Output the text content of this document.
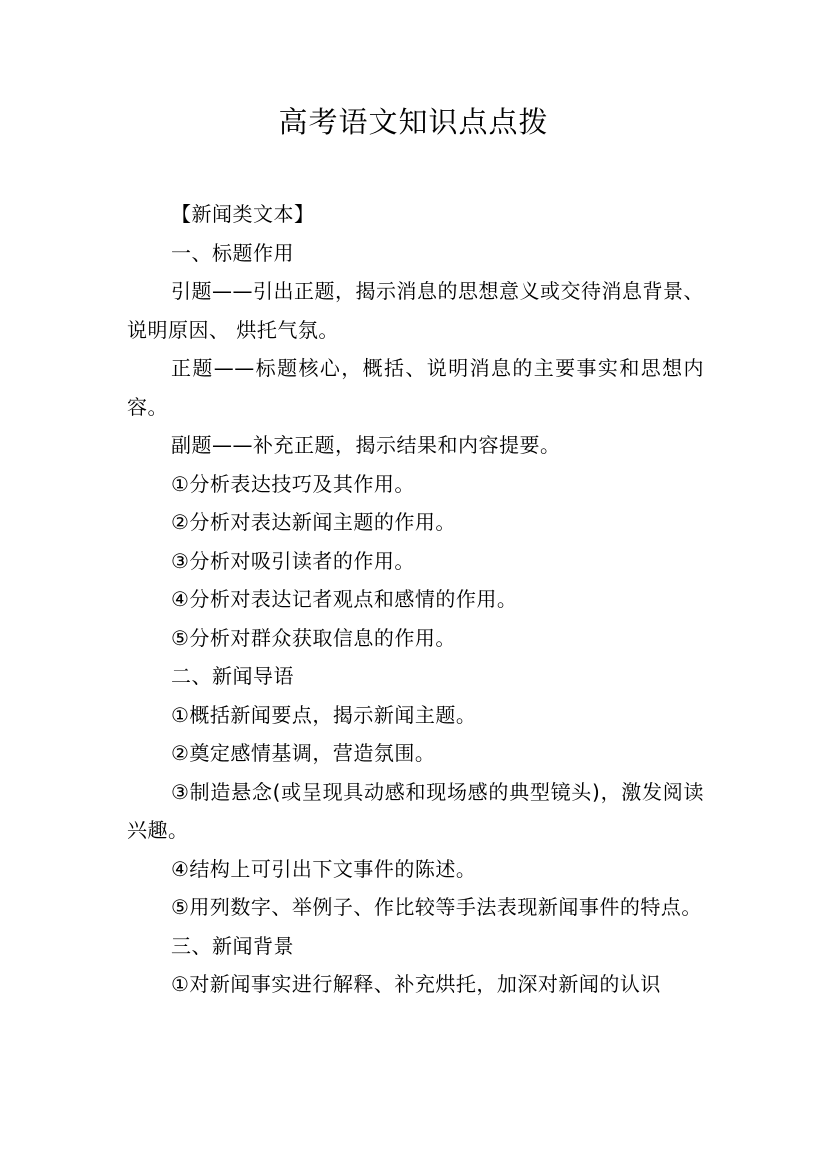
高考语文知识点点拨

【新闻类文本】

一、标题作用

引题——引出正题，揭示消息的思想意义或交待消息背景、说明原因、 烘托气氛。

正题——标题核心，概括、说明消息的主要事实和思想内容。

副题——补充正题，揭示结果和内容提要。

①分析表达技巧及其作用。

②分析对表达新闻主题的作用。

③分析对吸引读者的作用。

④分析对表达记者观点和感情的作用。

⑤分析对群众获取信息的作用。

二、新闻导语

①概括新闻要点，揭示新闻主题。

②奠定感情基调，营造氛围。

③制造悬念(或呈现具动感和现场感的典型镜头)，激发阅读兴趣。

④结构上可引出下文事件的陈述。

⑤用列数字、举例子、作比较等手法表现新闻事件的特点。

三、新闻背景

①对新闻事实进行解释、补充烘托，加深对新闻的认识
